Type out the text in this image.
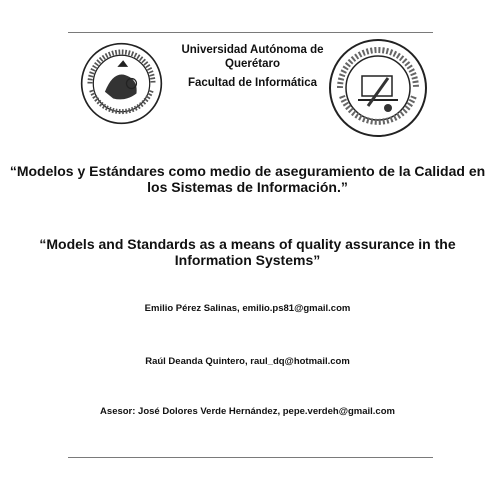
Universidad Autónoma de Querétaro
Facultad de Informática
“Modelos y Estándares como medio de aseguramiento de la Calidad en los Sistemas de Información.”
“Models and Standards as a means of quality assurance in the Information Systems”
Emilio Pérez Salinas, emilio.ps81@gmail.com
Raúl Deanda Quintero, raul_dq@hotmail.com
Asesor: José Dolores Verde Hernández, pepe.verdeh@gmail.com
